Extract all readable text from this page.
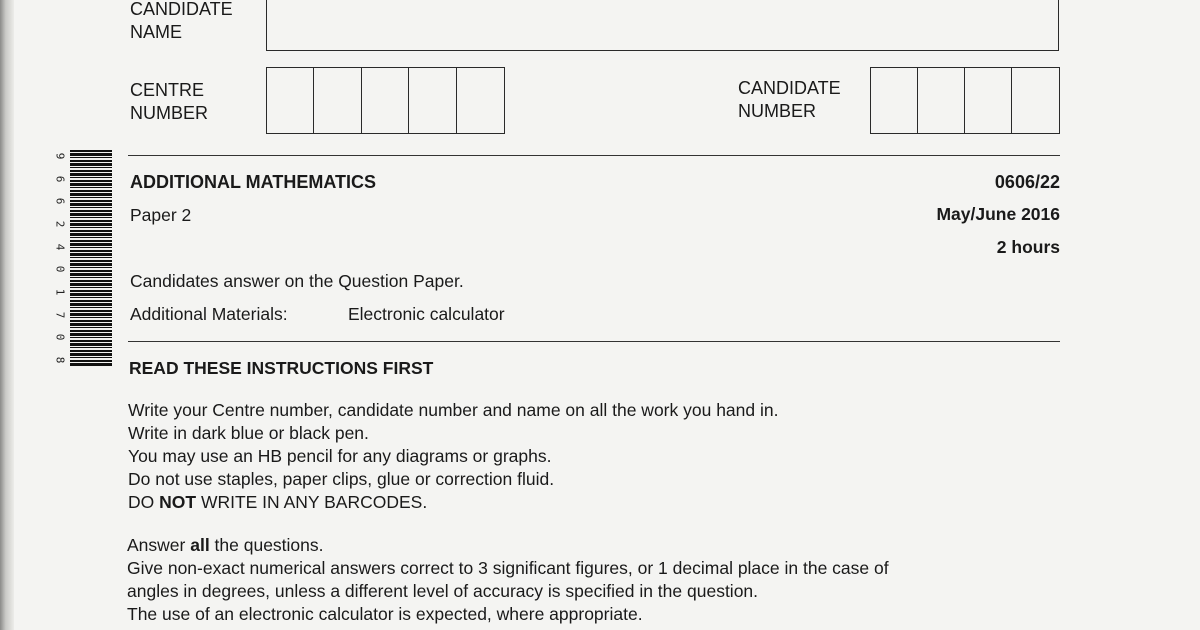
CANDIDATE
NAME
CENTRE
NUMBER
CANDIDATE
NUMBER
9
6
6
2
4
0
1
7
0
8
ADDITIONAL MATHEMATICS	0606/22
Paper 2	May/June 2016
2 hours
Candidates answer on the Question Paper.
Additional Materials:	Electronic calculator
READ THESE INSTRUCTIONS FIRST
Write your Centre number, candidate number and name on all the work you hand in.
Write in dark blue or black pen.
You may use an HB pencil for any diagrams or graphs.
Do not use staples, paper clips, glue or correction fluid.
DO NOT WRITE IN ANY BARCODES.
Answer all the questions.
Give non-exact numerical answers correct to 3 significant figures, or 1 decimal place in the case of
angles in degrees, unless a different level of accuracy is specified in the question.
The use of an electronic calculator is expected, where appropriate.
